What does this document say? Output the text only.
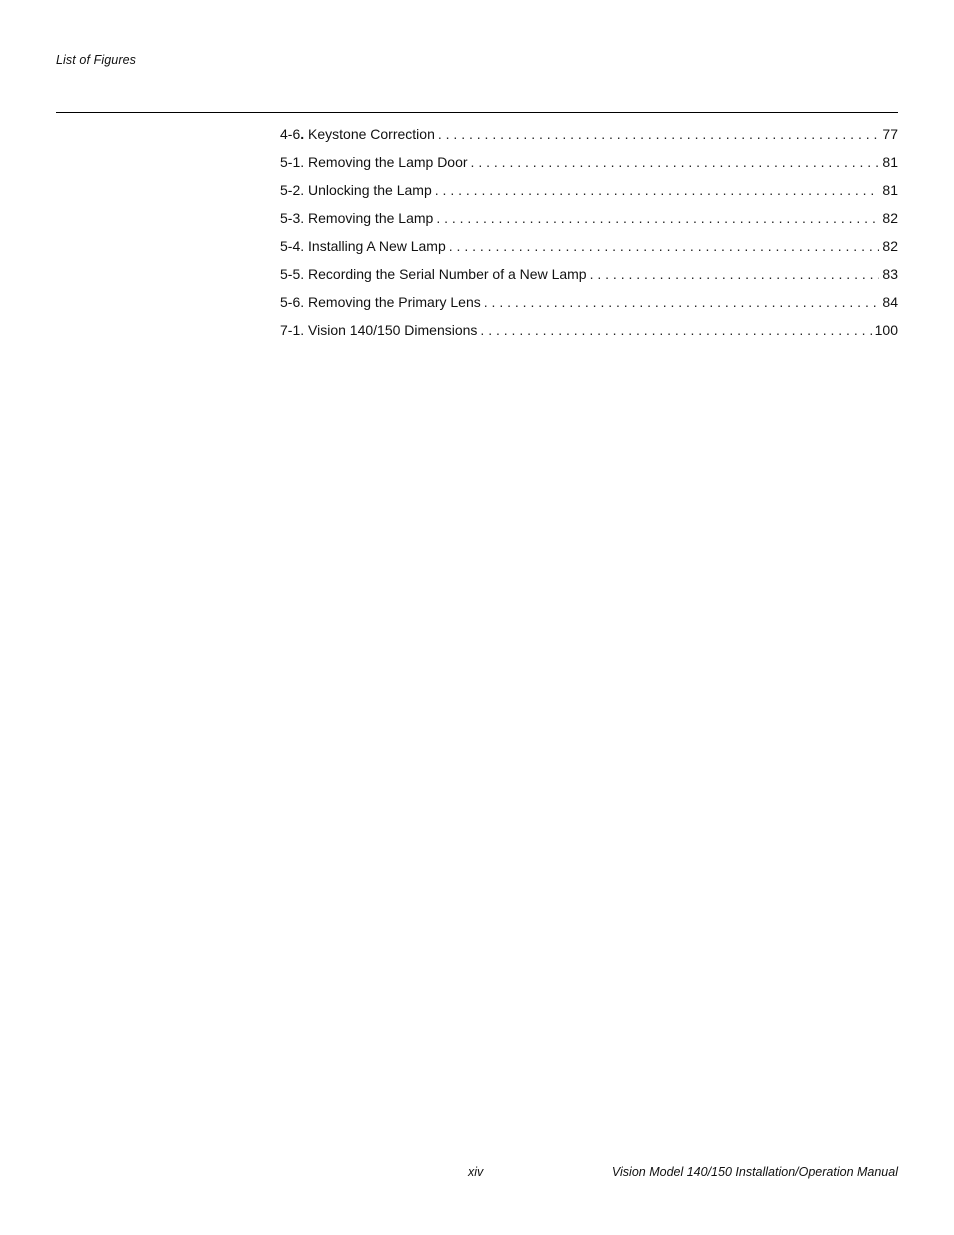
List of Figures
4-6. Keystone Correction . . .	77
5-1. Removing the Lamp Door . . .	81
5-2. Unlocking the Lamp . . .	81
5-3. Removing the Lamp . . .	82
5-4. Installing A New Lamp . . .	82
5-5. Recording the Serial Number of a New Lamp . . .	83
5-6. Removing the Primary Lens . . .	84
7-1. Vision 140/150 Dimensions . . .	100
xiv	Vision Model 140/150 Installation/Operation Manual
